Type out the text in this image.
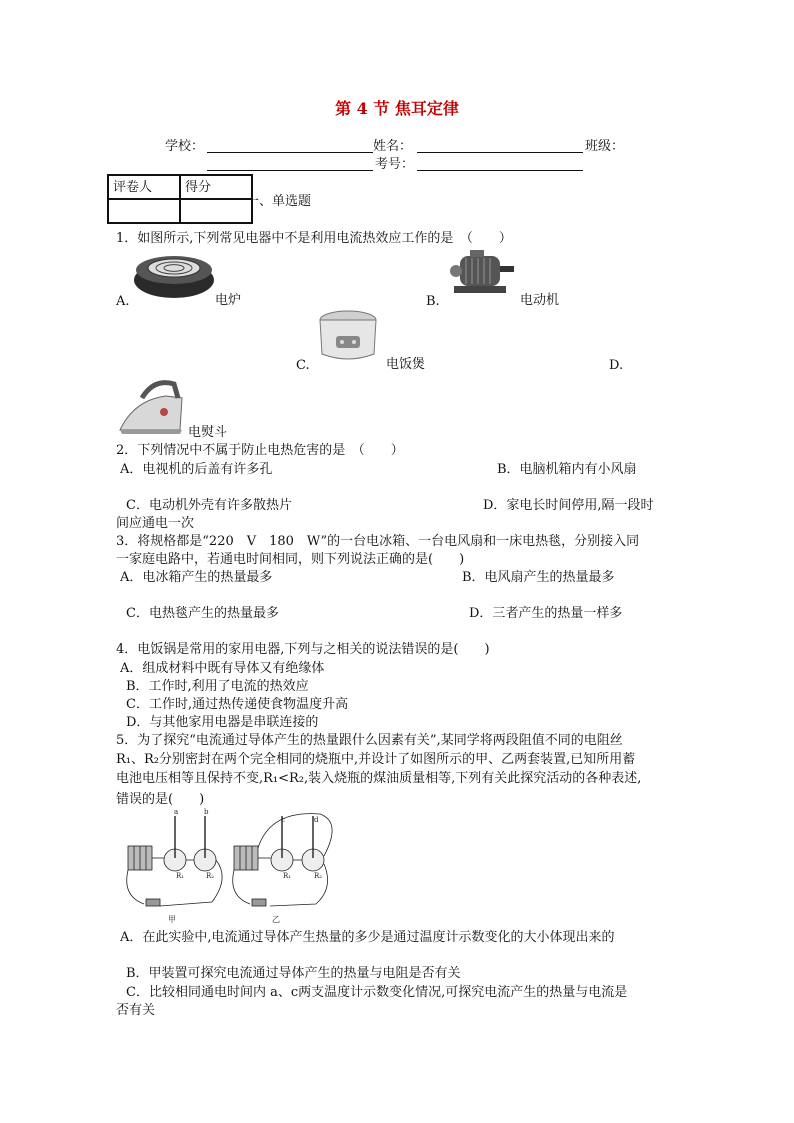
第 4 节 焦耳定律
学校：	姓名：	班级：
考号：
评卷人	得分

一、单选题
1．如图所示,下列常见电器中不是利用电流热效应工作的是　（　　）
A.	电炉	B.	电动机
C.	电饭煲	D.
电熨斗
2．下列情况中不属于防止电热危害的是　（　　）
A．电视机的后盖有许多孔	B．电脑机箱内有小风扇
C．电动机外壳有许多散热片	D．家电长时间停用,隔一段时
间应通电一次
3．将规格都是“220　V　180　W”的一台电冰箱、一台电风扇和一床电热毯，分别接入同
一家庭电路中，若通电时间相同，则下列说法正确的是(　　)
A．电冰箱产生的热量最多	B．电风扇产生的热量最多
C．电热毯产生的热量最多	D．三者产生的热量一样多
4．电饭锅是常用的家用电器,下列与之相关的说法错误的是(　　)
A．组成材料中既有导体又有绝缘体
B．工作时,利用了电流的热效应
C．工作时,通过热传递使食物温度升高
D．与其他家用电器是串联连接的
5．为了探究“电流通过导体产生的热量跟什么因素有关”,某同学将两段阻值不同的电阻丝
R₁、R₂分别密封在两个完全相同的烧瓶中,并设计了如图所示的甲、乙两套装置,已知所用蓄
电池电压相等且保持不变,R₁<R₂,装入烧瓶的煤油质量相等,下列有关此探究活动的各种表述,
错误的是(　　)
a	b
R₁	R₂
甲
c	d
R₁	R₂
乙
A．在此实验中,电流通过导体产生热量的多少是通过温度计示数变化的大小体现出来的
B．甲装置可探究电流通过导体产生的热量与电阻是否有关
C．比较相同通电时间内 a、c两支温度计示数变化情况,可探究电流产生的热量与电流是
否有关
